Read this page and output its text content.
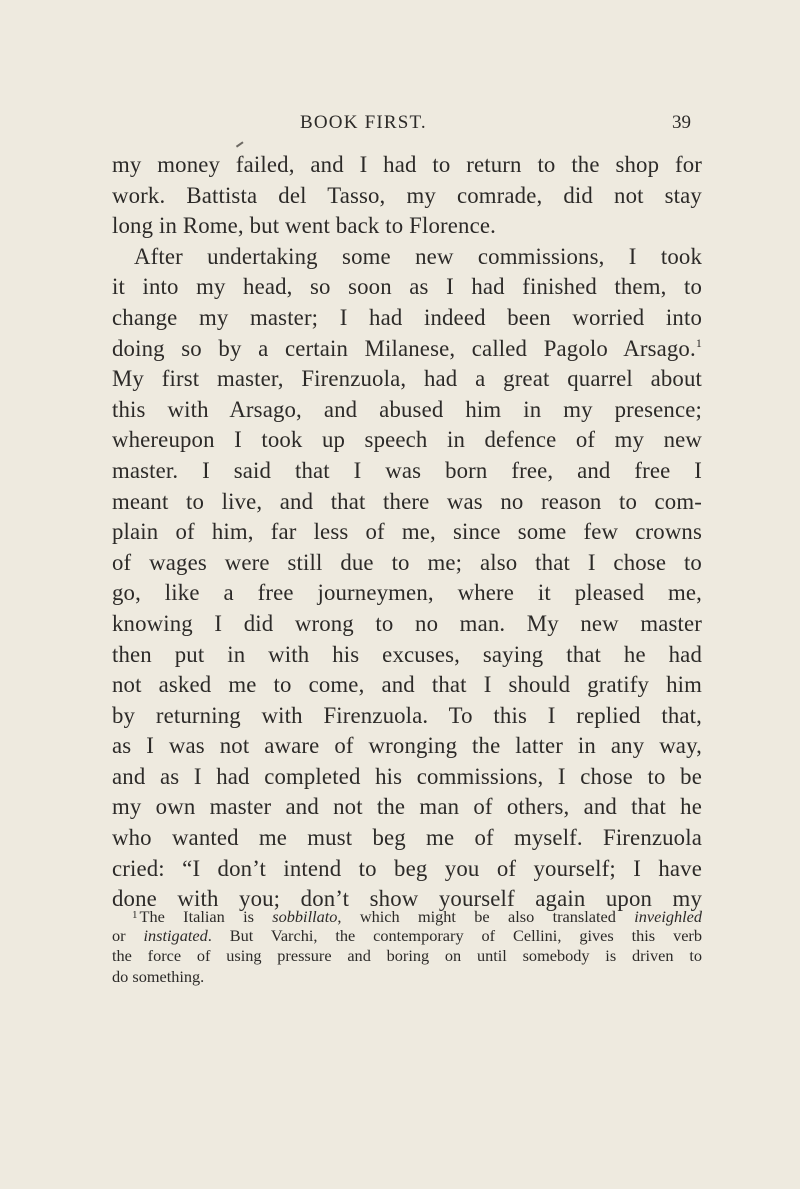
BOOK FIRST.	39
my money failed, and I had to return to the shop for
work. Battista del Tasso, my comrade, did not stay
long in Rome, but went back to Florence.
After undertaking some new commissions, I took
it into my head, so soon as I had finished them, to
change my master; I had indeed been worried into
doing so by a certain Milanese, called Pagolo Arsago.$^1$
My first master, Firenzuola, had a great quarrel about
this with Arsago, and abused him in my presence;
whereupon I took up speech in defence of my new
master. I said that I was born free, and free I
meant to live, and that there was no reason to com-
plain of him, far less of me, since some few crowns
of wages were still due to me; also that I chose to
go, like a free journeymen, where it pleased me,
knowing I did wrong to no man. My new master
then put in with his excuses, saying that he had
not asked me to come, and that I should gratify him
by returning with Firenzuola. To this I replied that,
as I was not aware of wronging the latter in any way,
and as I had completed his commissions, I chose to be
my own master and not the man of others, and that he
who wanted me must beg me of myself. Firenzuola
cried: “I don’t intend to beg you of yourself; I have
done with you; don’t show yourself again upon my
$^1$ The Italian is sobbillato, which might be also translated inveighled
or instigated. But Varchi, the contemporary of Cellini, gives this verb
the force of using pressure and boring on until somebody is driven to
do something.
